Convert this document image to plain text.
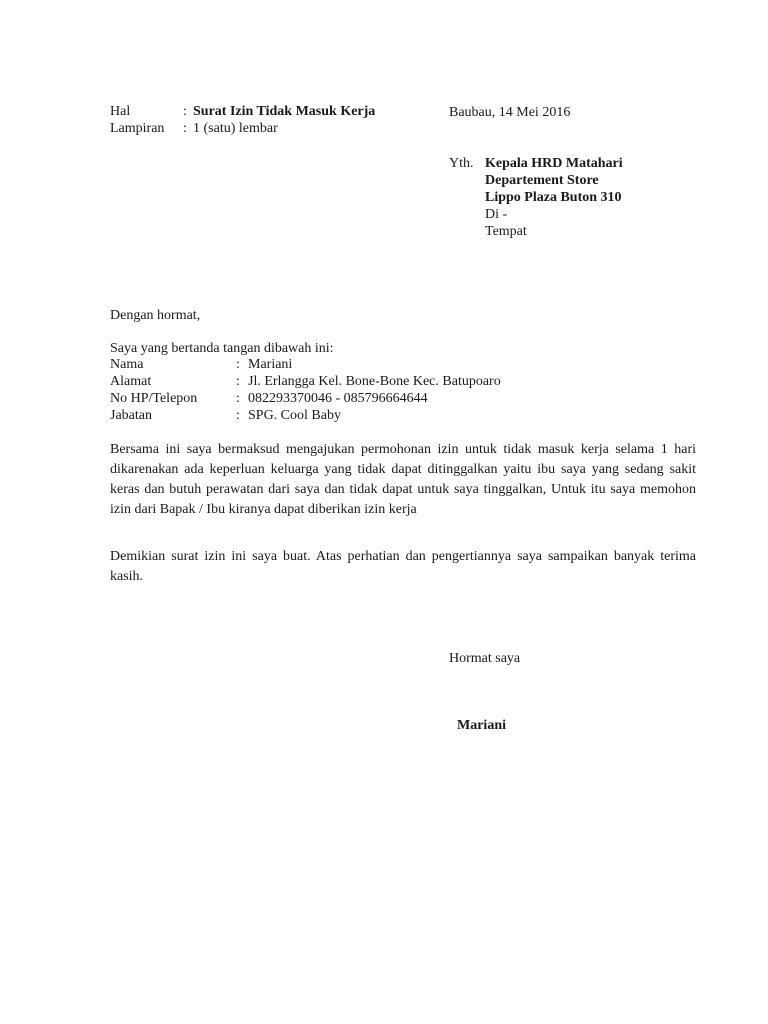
Hal	: Surat Izin Tidak Masuk Kerja
Lampiran : 1 (satu) lembar
Baubau, 14 Mei 2016
Yth. Kepala HRD Matahari
Departement Store
Lippo Plaza Buton 310
Di -
Tempat
Dengan hormat,
Saya yang bertanda tangan dibawah ini:
Nama	: Mariani
Alamat	: Jl. Erlangga Kel. Bone-Bone Kec. Batupoaro
No HP/Telepon	: 082293370046 - 085796664644
Jabatan	: SPG. Cool Baby
Bersama ini saya bermaksud mengajukan permohonan izin untuk tidak masuk kerja selama 1 hari dikarenakan ada keperluan keluarga yang tidak dapat ditinggalkan yaitu ibu saya yang sedang sakit keras dan butuh perawatan dari saya dan tidak dapat untuk saya tinggalkan, Untuk itu saya memohon izin dari Bapak / Ibu kiranya dapat diberikan izin kerja
Demikian surat izin ini saya buat. Atas perhatian dan pengertiannya saya sampaikan banyak terima kasih.
Hormat saya
Mariani
